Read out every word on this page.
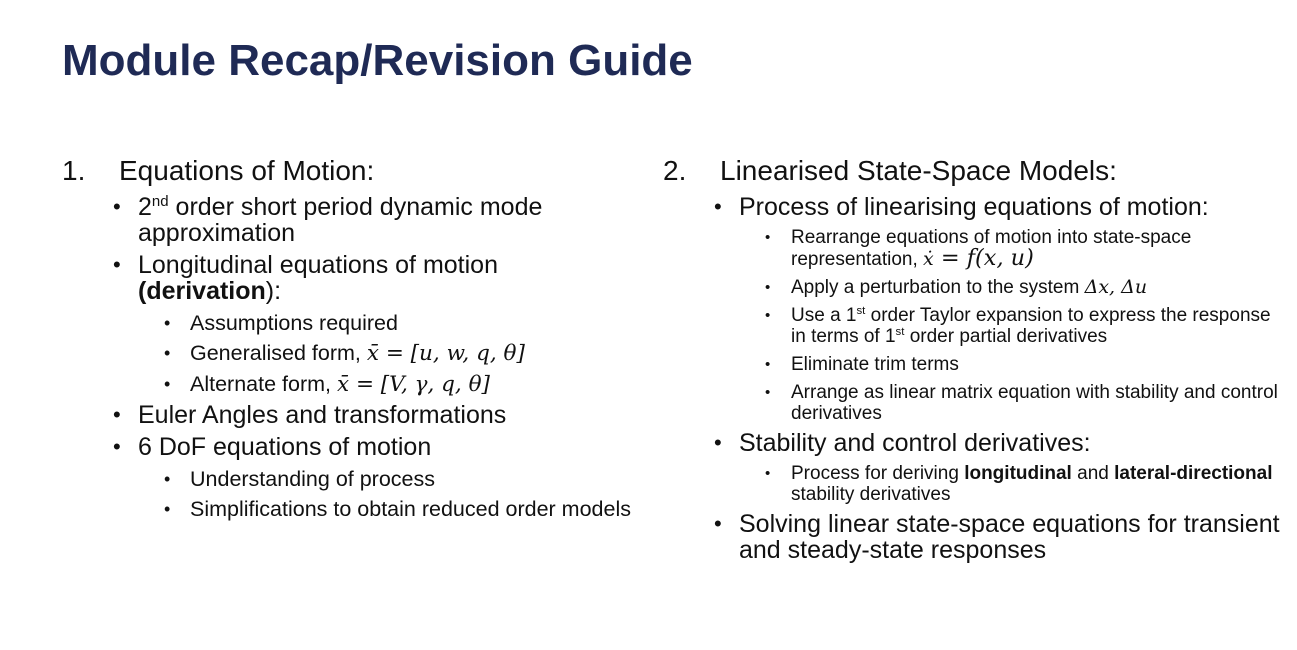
Module Recap/Revision Guide
1. Equations of Motion:
• 2nd order short period dynamic mode approximation
• Longitudinal equations of motion (derivation):
• Assumptions required
• Generalised form, x̄ = [u, w, q, θ]
• Alternate form, x̄ = [V, γ, q, θ]
• Euler Angles and transformations
• 6 DoF equations of motion
• Understanding of process
• Simplifications to obtain reduced order models
2. Linearised State-Space Models:
• Process of linearising equations of motion:
• Rearrange equations of motion into state-space representation, ẋ = f(x, u)
• Apply a perturbation to the system Δx, Δu
• Use a 1st order Taylor expansion to express the response in terms of 1st order partial derivatives
• Eliminate trim terms
• Arrange as linear matrix equation with stability and control derivatives
• Stability and control derivatives:
• Process for deriving longitudinal and lateral-directional stability derivatives
• Solving linear state-space equations for transient and steady-state responses
